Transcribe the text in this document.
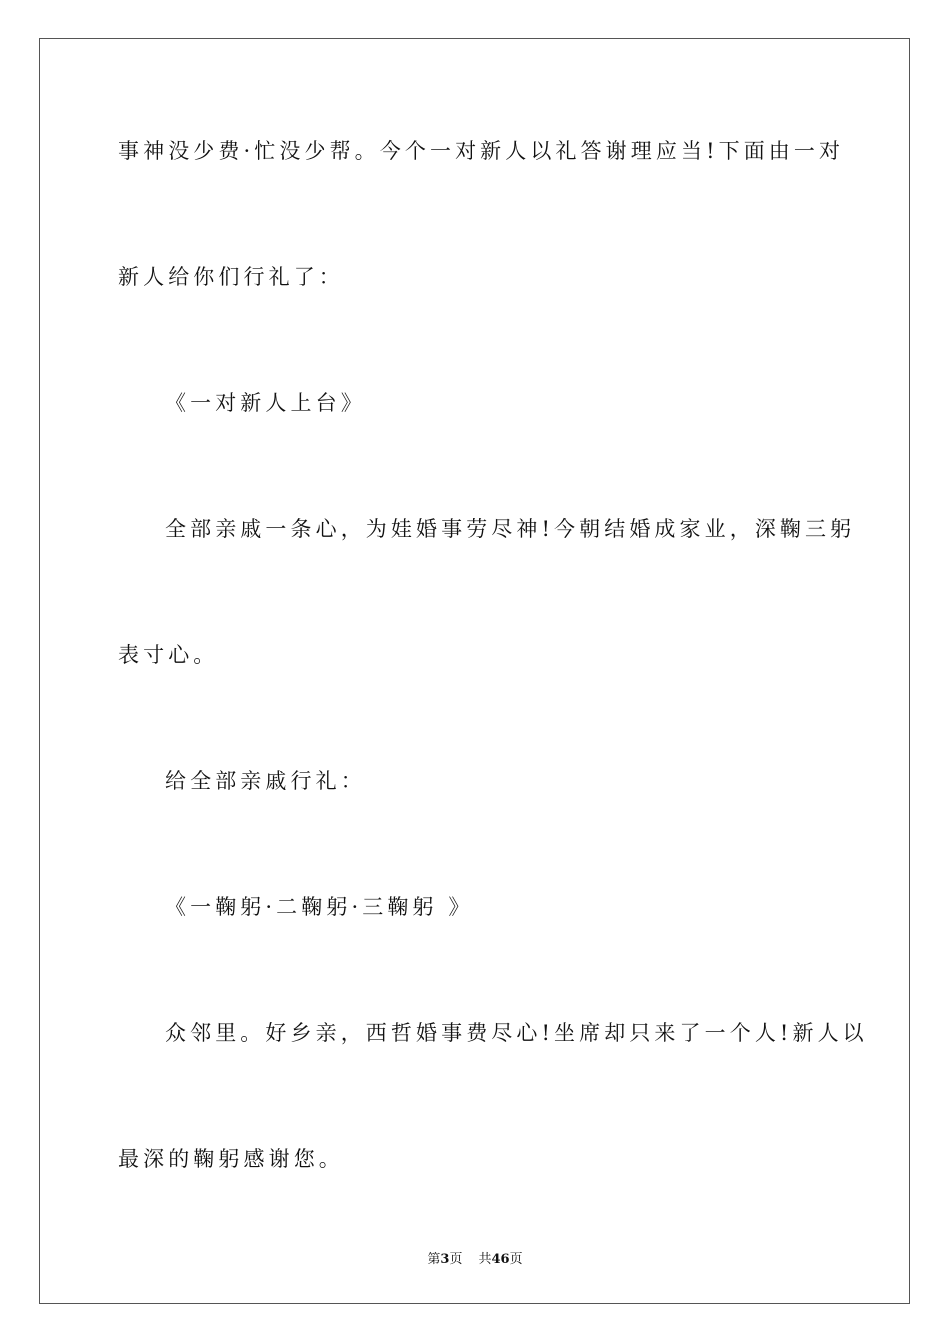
事神没少费·忙没少帮。今个一对新人以礼答谢理应当!下面由一对
新人给你们行礼了：
《一对新人上台》
全部亲戚一条心，为娃婚事劳尽神!今朝结婚成家业，深鞠三躬
表寸心。
给全部亲戚行礼：
《一鞠躬·二鞠躬·三鞠躬 》
众邻里。好乡亲，西哲婚事费尽心!坐席却只来了一个人!新人以
最深的鞠躬感谢您。
第3页 共46页
